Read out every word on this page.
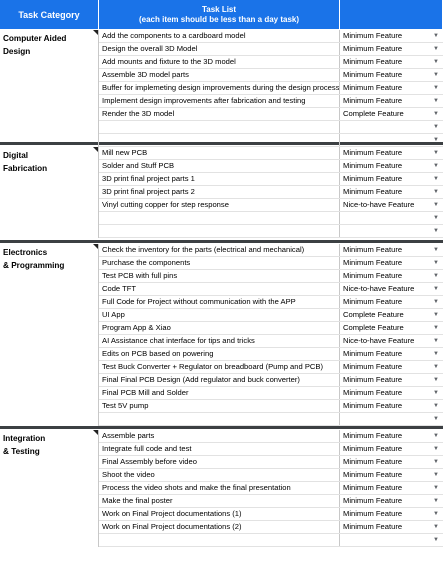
Task Category
Task List
(each item should be less than a day task)
Computer Aided
Design
Add the components to a cardboard model	Minimum Feature	▼
Design the overall 3D Model	Minimum Feature	▼
Add mounts and fixture to the 3D model	Minimum Feature	▼
Assemble 3D model parts	Minimum Feature	▼
Buffer for implemeting design improvements during the design process Minimum Feature	▼
Implement design improvements after fabrication and testing	Minimum Feature	▼
Render the 3D model	Complete Feature	▼
▼
▼
Digital
Fabrication
Mill new PCB	Minimum Feature	▼
Solder and Stuff PCB	Minimum Feature	▼
3D print final project parts 1	Minimum Feature	▼
3D print final project parts 2	Minimum Feature	▼
Vinyl cutting copper for step response	Nice-to-have Feature	▼
▼
▼
Electronics
& Programming
Check the inventory for the parts (electrical and mechanical)	Minimum Feature	▼
Purchase the components	Minimum Feature	▼
Test PCB with full pins	Minimum Feature	▼
Code TFT	Nice-to-have Feature	▼
Full Code for Project without communication with the APP	Minimum Feature	▼
UI App	Complete Feature	▼
Program App & Xiao	Complete Feature	▼
AI Assistance chat interface for tips and tricks	Nice-to-have Feature	▼
Edits on PCB based on powering	Minimum Feature	▼
Test Buck Converter + Regulator on breadboard (Pump and PCB)	Minimum Feature	▼
Final Final PCB Design (Add regulator and buck converter)	Minimum Feature	▼
Final PCB Mill and Solder	Minimum Feature	▼
Test 5V pump	Minimum Feature	▼
▼
Integration
& Testing
Assemble parts	Minimum Feature	▼
Integrate full code and test	Minimum Feature	▼
Final Assembly before video	Minimum Feature	▼
Shoot the video	Minimum Feature	▼
Process the video shots and make the final presentation	Minimum Feature	▼
Make the final poster	Minimum Feature	▼
Work on Final Project documentations (1)	Minimum Feature	▼
Work on Final Project documentations (2)	Minimum Feature	▼
▼
